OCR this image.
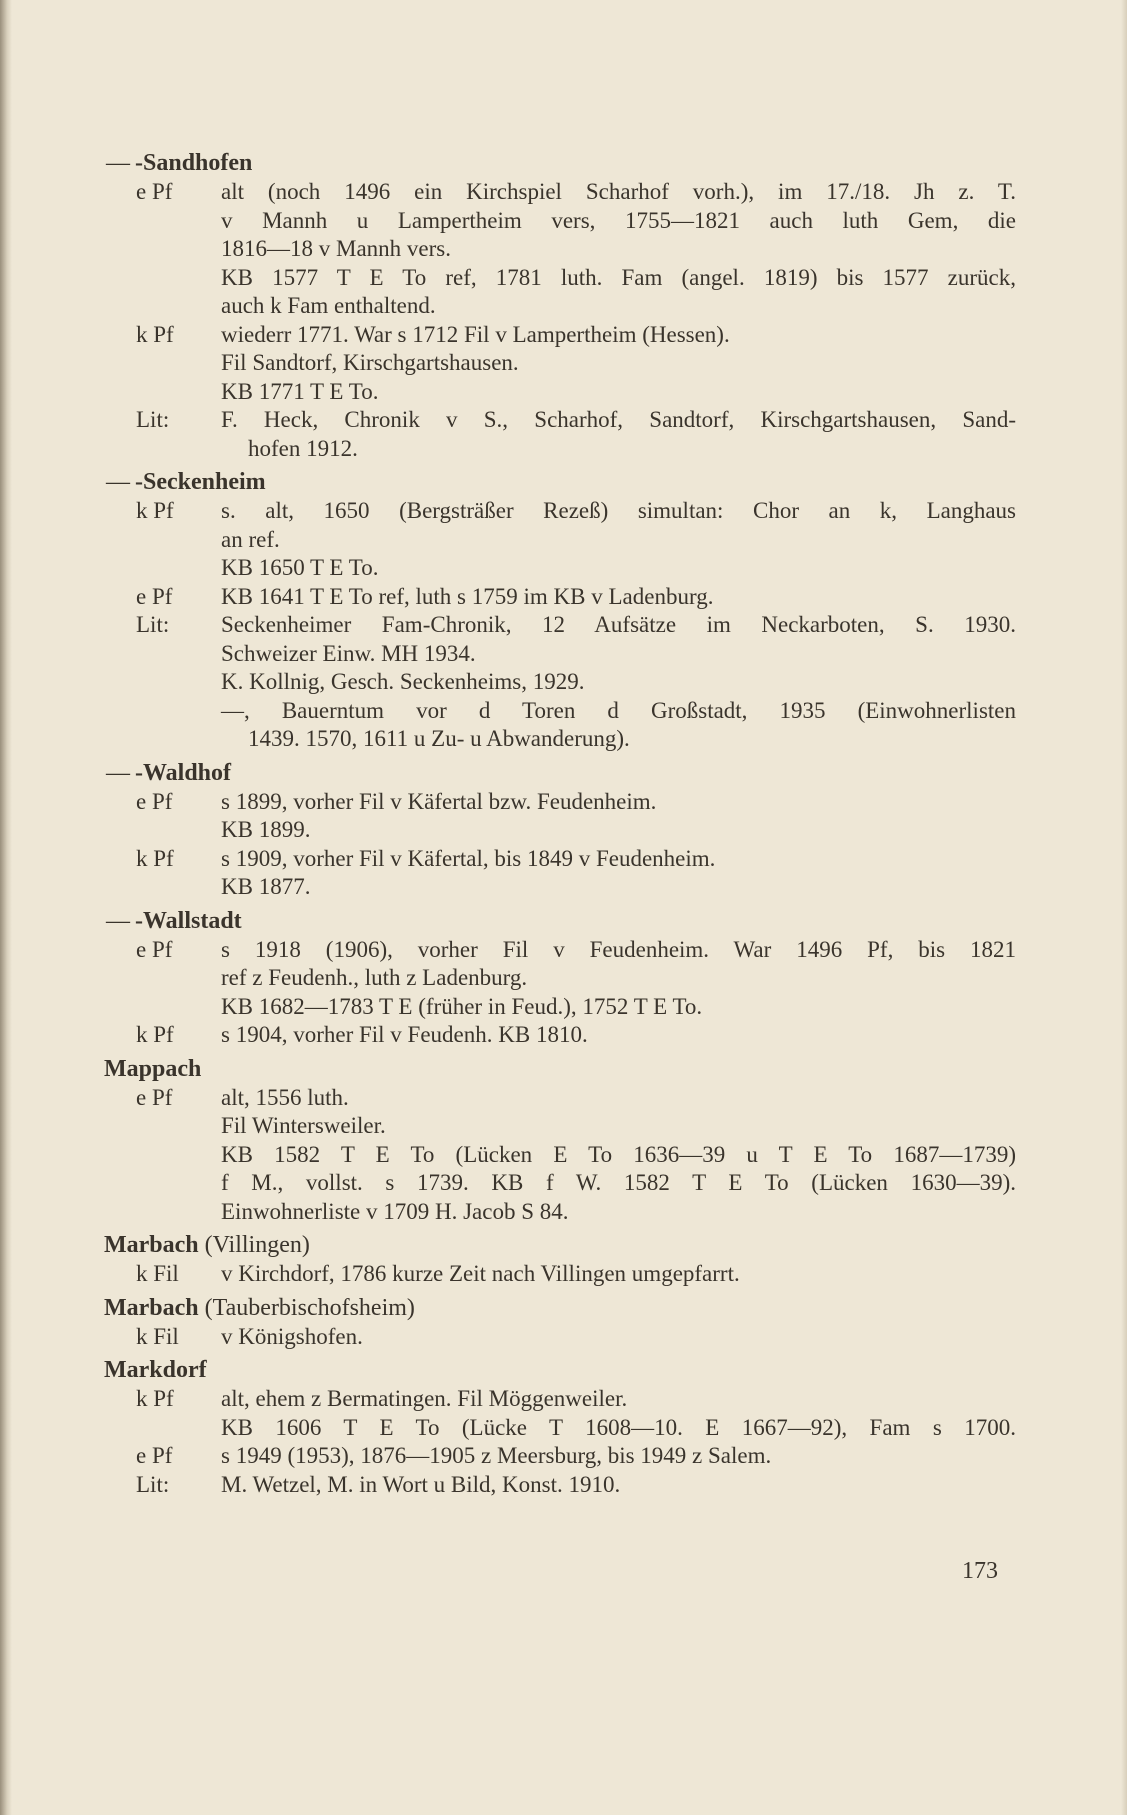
— -Sandhofen
e Pf	alt (noch 1496 ein Kirchspiel Scharhof vorh.), im 17./18. Jh z. T.
v Mannh u Lampertheim vers, 1755—1821 auch luth Gem, die
1816—18 v Mannh vers.
KB 1577 T E To ref, 1781 luth. Fam (angel. 1819) bis 1577 zurück,
auch k Fam enthaltend.
k Pf	wiederr 1771. War s 1712 Fil v Lampertheim (Hessen).
Fil Sandtorf, Kirschgartshausen.
KB 1771 T E To.
Lit:	F. Heck, Chronik v S., Scharhof, Sandtorf, Kirschgartshausen, Sand-
hofen 1912.
— -Seckenheim
k Pf	s. alt, 1650 (Bergsträßer Rezeß) simultan: Chor an k, Langhaus
an ref.
KB 1650 T E To.
e Pf	KB 1641 T E To ref, luth s 1759 im KB v Ladenburg.
Lit:	Seckenheimer Fam-Chronik, 12 Aufsätze im Neckarboten, S. 1930.
Schweizer Einw. MH 1934.
K. Kollnig, Gesch. Seckenheims, 1929.
—, Bauerntum vor d Toren d Großstadt, 1935 (Einwohnerlisten
1439. 1570, 1611 u Zu- u Abwanderung).
— -Waldhof
e Pf	s 1899, vorher Fil v Käfertal bzw. Feudenheim.
KB 1899.
k Pf	s 1909, vorher Fil v Käfertal, bis 1849 v Feudenheim.
KB 1877.
— -Wallstadt
e Pf	s 1918 (1906), vorher Fil v Feudenheim. War 1496 Pf, bis 1821
ref z Feudenh., luth z Ladenburg.
KB 1682—1783 T E (früher in Feud.), 1752 T E To.
k Pf	s 1904, vorher Fil v Feudenh. KB 1810.
Mappach
e Pf	alt, 1556 luth.
Fil Wintersweiler.
KB 1582 T E To (Lücken E To 1636—39 u T E To 1687—1739)
f M., vollst. s 1739. KB f W. 1582 T E To (Lücken 1630—39).
Einwohnerliste v 1709 H. Jacob S 84.
Marbach (Villingen)
k Fil	v Kirchdorf, 1786 kurze Zeit nach Villingen umgepfarrt.
Marbach (Tauberbischofsheim)
k Fil	v Königshofen.
Markdorf
k Pf	alt, ehem z Bermatingen. Fil Möggenweiler.
KB 1606 T E To (Lücke T 1608—10. E 1667—92), Fam s 1700.
e Pf	s 1949 (1953), 1876—1905 z Meersburg, bis 1949 z Salem.
Lit:	M. Wetzel, M. in Wort u Bild, Konst. 1910.
173
